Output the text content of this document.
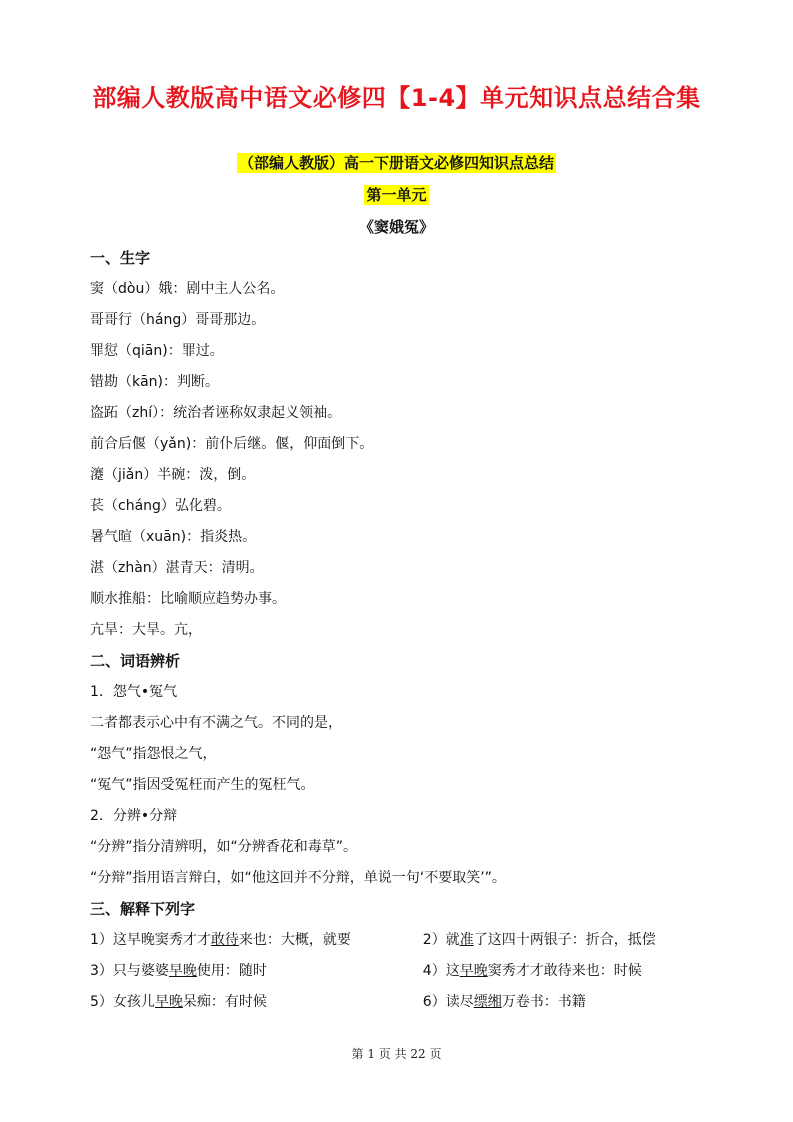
部编人教版高中语文必修四【1-4】单元知识点总结合集
（部编人教版）高一下册语文必修四知识点总结
第一单元
《窦娥冤》
一、生字
窦（dòu）娥：剧中主人公名。
哥哥行（háng）哥哥那边。
罪愆（qiān)：罪过。
错勘（kān)：判断。
盗跖（zhí）：统治者诬称奴隶起义领袖。
前合后偃（yǎn)：前仆后继。偃，仰面倒下。
瀽（jiǎn）半碗：泼，倒。
苌（cháng）弘化碧。
暑气暄（xuān)：指炎热。
湛（zhàn）湛青天：清明。
顺水推船：比喻顺应趋势办事。
亢旱：大旱。亢，
二、词语辨析
1．怨气•冤气
二者都表示心中有不满之气。不同的是，
“怨气”指怨恨之气，
“冤气”指因受冤枉而产生的冤枉气。
2．分辨•分辩
“分辨”指分清辨明，如“分辨香花和毒草”。
“分辩”指用语言辩白，如“他这回并不分辩，单说一句‘不要取笑’”。
三、解释下列字
1）这早晚窦秀才才敢待来也：大概，就要	2）就准了这四十两银子：折合，抵偿
3）只与婆婆早晚使用：随时	4）这早晚窦秀才才敢待来也：时候
5）女孩儿早晚呆痴：有时候	6）读尽缥缃万卷书：书籍
第 1 页 共 22 页
